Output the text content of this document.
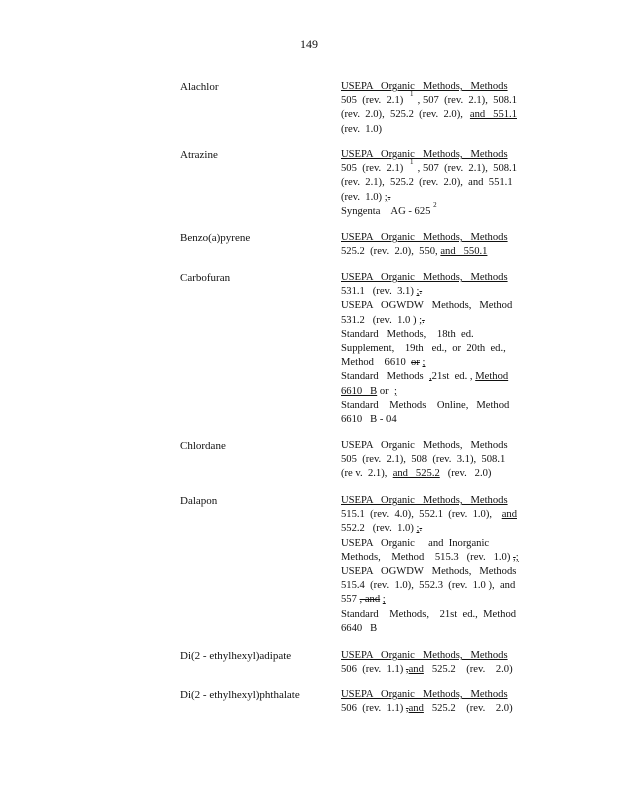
149
Alachlor	USEPA   Organic   Methods,   Methods
505  (rev.  2.1)
1
, 507  (rev.  2.1),  508.1
(rev.  2.0),  525.2  (rev.  2.0), and   551.1
(rev.  1.0)
Atrazine	USEPA   Organic   Methods,   Methods
505  (rev.  2.1)
1
, 507  (rev.  2.1),  508.1
(rev.  2.1),  525.2  (rev.  2.0),  and  551.1
(rev.  1.0) ; .
Syngenta    AG - 625
2
Benzo(a)pyrene	USEPA   Organic   Methods,   Methods
525.2  (rev.  2.0),  550, and   550.1
Carbofuran	USEPA   Organic   Methods,   Methods
531.1   (rev.  3.1) ; .
USEPA   OGWDW   Methods,   Method
531.2   (rev.  1.0 ) ; .
Standard   Methods,    18th  ed.
Supplement,    19th   ed.,  or  20th  ed.,
Method    6610 or
;
Standard   Methods , 21st  ed. , Method
6610   B or ;
Standard    Methods    Online,   Method
6610   B - 04
Chlordane	USEPA   Organic   Methods,   Methods
505  (rev.  2.1),  508  (rev.  3.1),  508.1
(re v.  2.1), and   525.2 (rev.   2.0)
Dalapon	USEPA   Organic   Methods,   Methods
515.1  (rev.  4.0),  552.1  (rev.  1.0), and
552.2   (rev.  1.0) ; .
USEPA   Organic     and  Inorganic
Methods,    Method    515.3   (rev.   1.0) , ;
USEPA   OGWDW   Methods,   Methods
515.4  (rev.  1.0),  552.3  (rev.  1.0 ),  and
557 , and
;
Standard    Methods,    21st  ed.,  Method
6640   B
Di(2 - ethylhexyl)adipate	USEPA   Organic   Methods,   Methods
506  (rev.  1.1) , and 525.2    (rev.    2.0)
Di(2 - ethylhexyl)phthalate	USEPA   Organic   Methods,   Methods
506  (rev.  1.1) , and 525.2    (rev.    2.0)
